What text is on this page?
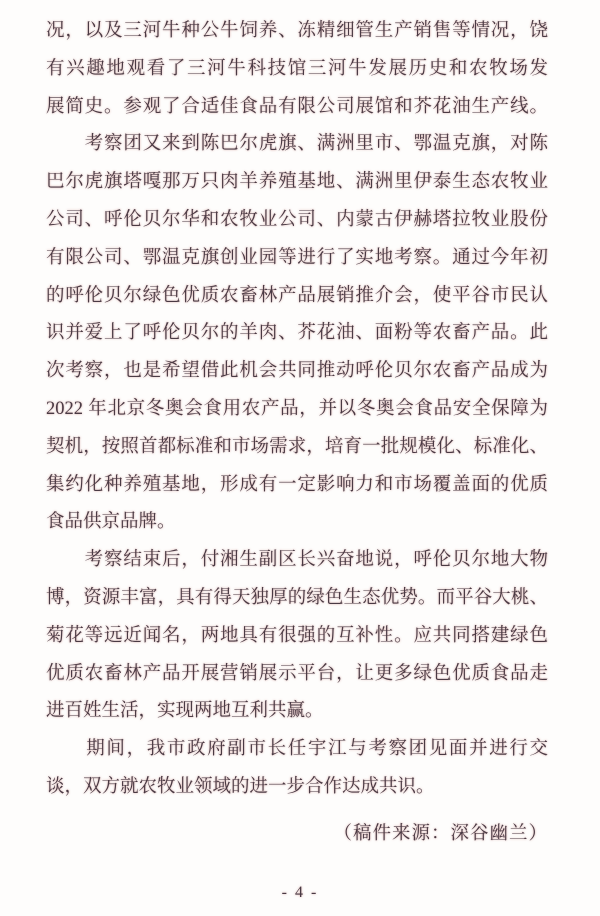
况，以及三河牛种公牛饲养、冻精细管生产销售等情况，饶
有兴趣地观看了三河牛科技馆三河牛发展历史和农牧场发
展简史。参观了合适佳食品有限公司展馆和芥花油生产线。
　　考察团又来到陈巴尔虎旗、满洲里市、鄂温克旗，对陈
巴尔虎旗塔嘎那万只肉羊养殖基地、满洲里伊泰生态农牧业
公司、呼伦贝尔华和农牧业公司、内蒙古伊赫塔拉牧业股份
有限公司、鄂温克旗创业园等进行了实地考察。通过今年初
的呼伦贝尔绿色优质农畜林产品展销推介会，使平谷市民认
识并爱上了呼伦贝尔的羊肉、芥花油、面粉等农畜产品。此
次考察，也是希望借此机会共同推动呼伦贝尔农畜产品成为
2022 年北京冬奥会食用农产品，并以冬奥会食品安全保障为
契机，按照首都标准和市场需求，培育一批规模化、标准化、
集约化种养殖基地，形成有一定影响力和市场覆盖面的优质
食品供京品牌。
　　考察结束后，付湘生副区长兴奋地说，呼伦贝尔地大物
博，资源丰富，具有得天独厚的绿色生态优势。而平谷大桃、
菊花等远近闻名，两地具有很强的互补性。应共同搭建绿色
优质农畜林产品开展营销展示平台，让更多绿色优质食品走
进百姓生活，实现两地互利共赢。
　　期间，我市政府副市长任宇江与考察团见面并进行交
谈，双方就农牧业领域的进一步合作达成共识。
（稿件来源：深谷幽兰）
- 4 -
